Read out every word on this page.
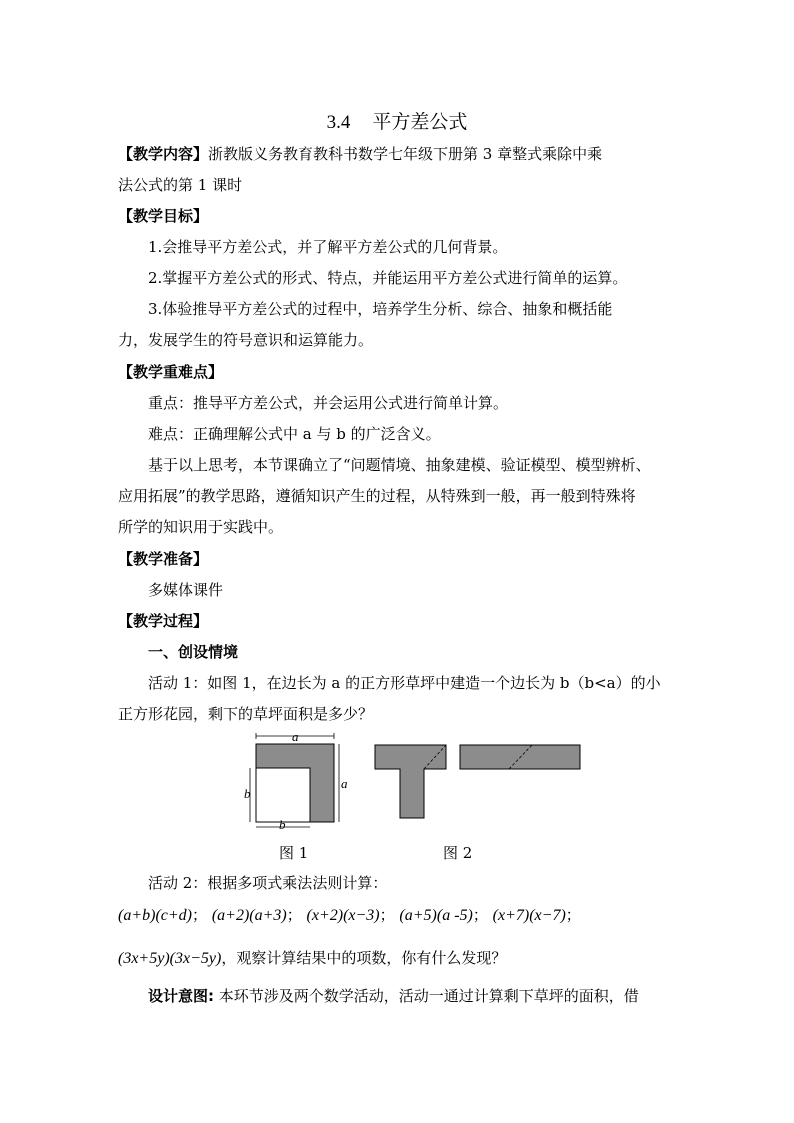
3.4 平方差公式
【教学内容】浙教版义务教育教科书数学七年级下册第 3 章整式乘除中乘
法公式的第 1 课时
【教学目标】
1.会推导平方差公式，并了解平方差公式的几何背景。
2.掌握平方差公式的形式、特点，并能运用平方差公式进行简单的运算。
3.体验推导平方差公式的过程中，培养学生分析、综合、抽象和概括能
力，发展学生的符号意识和运算能力。
【教学重难点】
重点：推导平方差公式，并会运用公式进行简单计算。
难点：正确理解公式中 a 与 b 的广泛含义。
基于以上思考，本节课确立了“问题情境、抽象建模、验证模型、模型辨析、
应用拓展”的教学思路，遵循知识产生的过程，从特殊到一般，再一般到特殊将
所学的知识用于实践中。
【教学准备】
多媒体课件
【教学过程】
一、创设情境
活动 1：如图 1，在边长为 a 的正方形草坪中建造一个边长为 b（b<a）的小
正方形花园，剩下的草坪面积是多少？
a
a
b
b
图 1	图 2
活动 2：根据多项式乘法法则计算：
(a+b)(c+d)； (a+2)(a+3)； (x+2)(x−3)； (a+5)(a -5)； (x+7)(x−7)；
(3x+5y)(3x−5y)，观察计算结果中的项数，你有什么发现？
设计意图: 本环节涉及两个数学活动，活动一通过计算剩下草坪的面积，借
